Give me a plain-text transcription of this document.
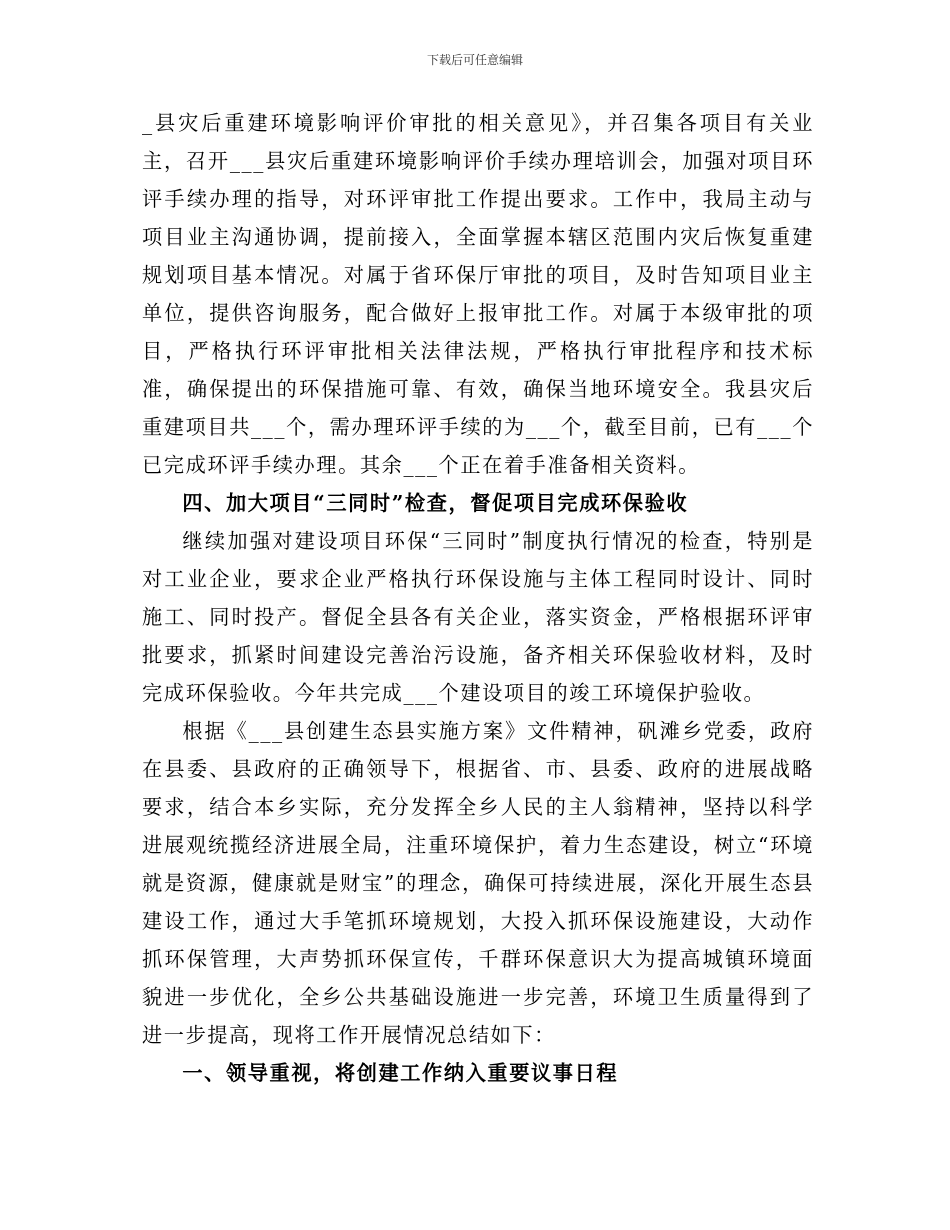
下载后可任意编辑

_县灾后重建环境影响评价审批的相关意见》，并召集各项目有关业主，召开___县灾后重建环境影响评价手续办理培训会，加强对项目环评手续办理的指导，对环评审批工作提出要求。工作中，我局主动与项目业主沟通协调，提前接入，全面掌握本辖区范围内灾后恢复重建规划项目基本情况。对属于省环保厅审批的项目，及时告知项目业主单位，提供咨询服务，配合做好上报审批工作。对属于本级审批的项目，严格执行环评审批相关法律法规，严格执行审批程序和技术标准，确保提出的环保措施可靠、有效，确保当地环境安全。我县灾后重建项目共___个，需办理环评手续的为___个，截至目前，已有___个已完成环评手续办理。其余___个正在着手准备相关资料。

四、加大项目“三同时”检查，督促项目完成环保验收

继续加强对建设项目环保“三同时”制度执行情况的检查，特别是对工业企业，要求企业严格执行环保设施与主体工程同时设计、同时施工、同时投产。督促全县各有关企业，落实资金，严格根据环评审批要求，抓紧时间建设完善治污设施，备齐相关环保验收材料，及时完成环保验收。今年共完成___个建设项目的竣工环境保护验收。

根据《___县创建生态县实施方案》文件精神，矾滩乡党委，政府在县委、县政府的正确领导下，根据省、市、县委、政府的进展战略要求，结合本乡实际，充分发挥全乡人民的主人翁精神，坚持以科学进展观统揽经济进展全局，注重环境保护，着力生态建设，树立“环境就是资源，健康就是财宝”的理念，确保可持续进展，深化开展生态县建设工作，通过大手笔抓环境规划，大投入抓环保设施建设，大动作抓环保管理，大声势抓环保宣传，千群环保意识大为提高城镇环境面貌进一步优化，全乡公共基础设施进一步完善，环境卫生质量得到了进一步提高，现将工作开展情况总结如下：

一、领导重视，将创建工作纳入重要议事日程
